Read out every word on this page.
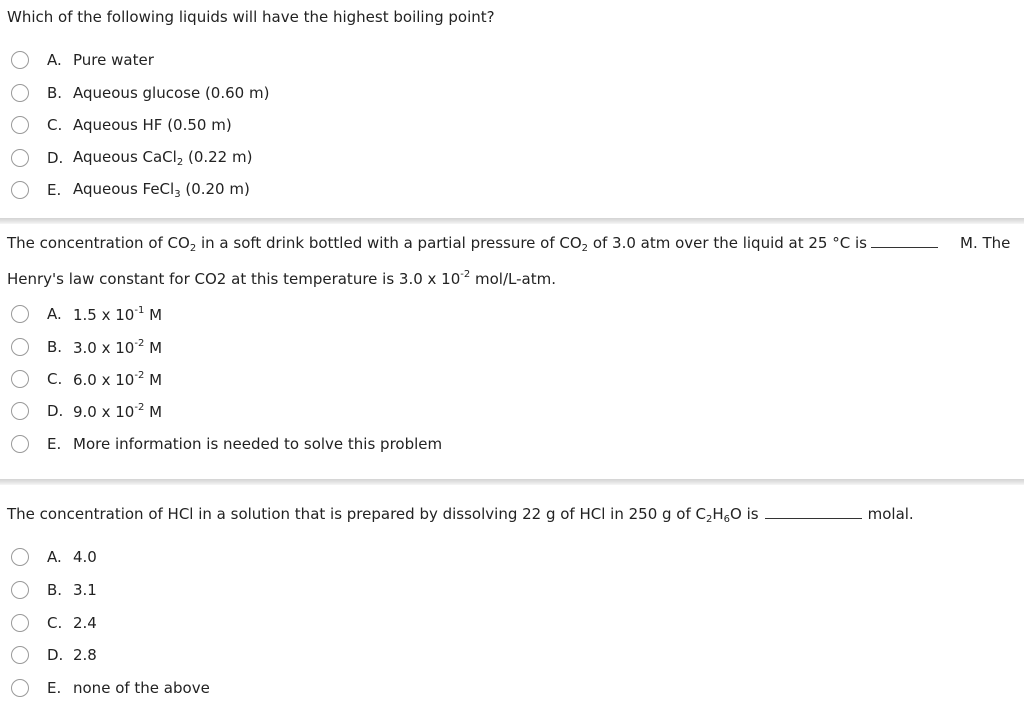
Which of the following liquids will have the highest boiling point?
A. Pure water
B. Aqueous glucose (0.60 m)
C. Aqueous HF (0.50 m)
D. Aqueous CaCl$_2$ (0.22 m)
E. Aqueous FeCl$_3$ (0.20 m)
The concentration of $CO_2$ in a soft drink bottled with a partial pressure of $CO_2$ of 3.0 atm over the liquid at 25 °C is
Henry's law constant for CO2 at this temperature is 3.0 x $10^{-2}$ mol/L-atm.
M. The
A. 1.5 x $10^{-1}$ M
B. 3.0 x $10^{-2}$ M
C. 6.0 x $10^{-2}$ M
D. 9.0 x $10^{-2}$ M
E. More information is needed to solve this problem
The concentration of HCl in a solution that is prepared by dissolving 22 g of HCl in 250 g of $C_2H_6O$ is	molal.
A. 4.0
B. 3.1
C. 2.4
D. 2.8
E. none of the above
